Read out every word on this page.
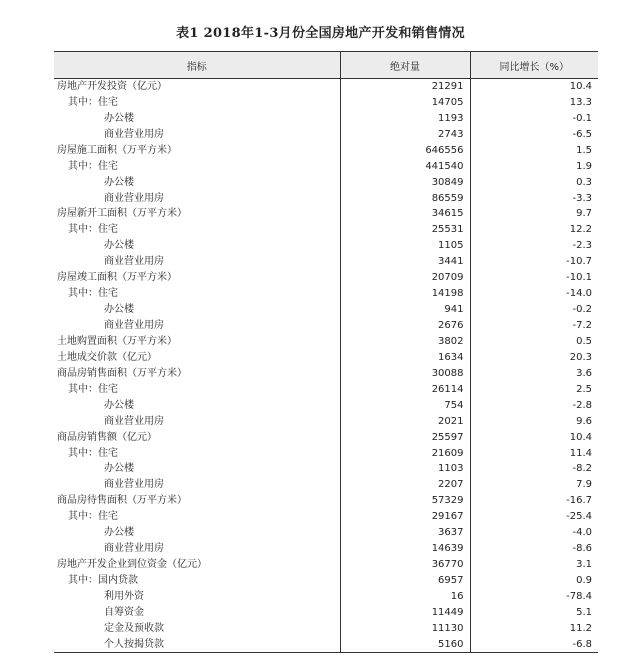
表1 2018年1-3月份全国房地产开发和销售情况
指标	绝对量	同比增长（%）
房地产开发投资（亿元）	21291	10.4
其中：住宅	14705	13.3
办公楼	1193	-0.1
商业营业用房	2743	-6.5
房屋施工面积（万平方米）	646556	1.5
其中：住宅	441540	1.9
办公楼	30849	0.3
商业营业用房	86559	-3.3
房屋新开工面积（万平方米）	34615	9.7
其中：住宅	25531	12.2
办公楼	1105	-2.3
商业营业用房	3441	-10.7
房屋竣工面积（万平方米）	20709	-10.1
其中：住宅	14198	-14.0
办公楼	941	-0.2
商业营业用房	2676	-7.2
土地购置面积（万平方米）	3802	0.5
土地成交价款（亿元）	1634	20.3
商品房销售面积（万平方米）	30088	3.6
其中：住宅	26114	2.5
办公楼	754	-2.8
商业营业用房	2021	9.6
商品房销售额（亿元）	25597	10.4
其中：住宅	21609	11.4
办公楼	1103	-8.2
商业营业用房	2207	7.9
商品房待售面积（万平方米）	57329	-16.7
其中：住宅	29167	-25.4
办公楼	3637	-4.0
商业营业用房	14639	-8.6
房地产开发企业到位资金（亿元）	36770	3.1
其中：国内贷款	6957	0.9
利用外资	16	-78.4
自筹资金	11449	5.1
定金及预收款	11130	11.2
个人按揭贷款	5160	-6.8
